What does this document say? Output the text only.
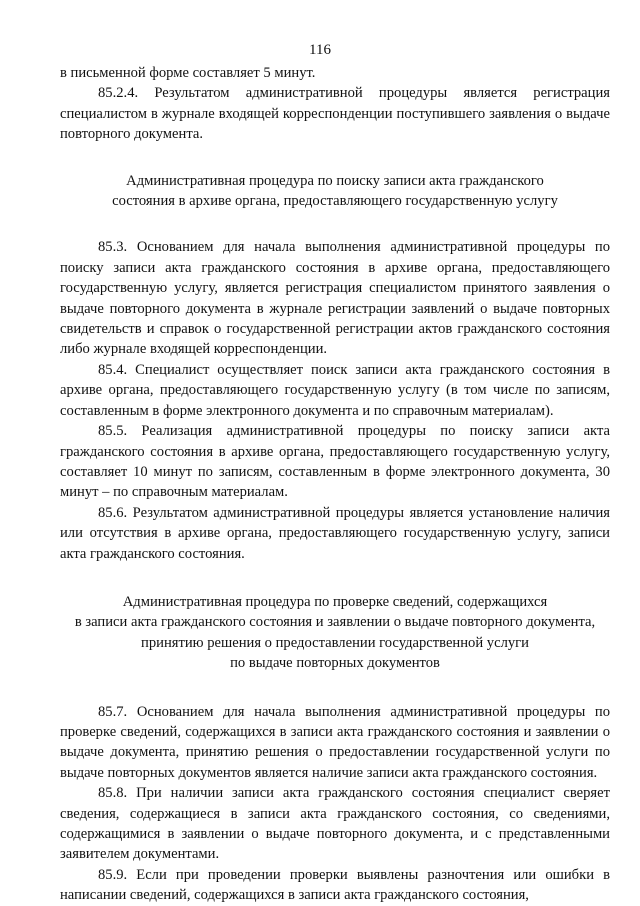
116

в письменной форме составляет 5 минут.

85.2.4. Результатом административной процедуры является регистрация специалистом в журнале входящей корреспонденции поступившего заявления о выдаче повторного документа.

Административная процедура по поиску записи акта гражданского
состояния в архиве органа, предоставляющего государственную услугу

85.3. Основанием для начала выполнения административной процедуры по поиску записи акта гражданского состояния в архиве органа, предоставляющего государственную услугу, является регистрация специалистом принятого заявления о выдаче повторного документа в журнале регистрации заявлений о выдаче повторных свидетельств и справок о государственной регистрации актов гражданского состояния либо журнале входящей корреспонденции.

85.4. Специалист осуществляет поиск записи акта гражданского состояния в архиве органа, предоставляющего государственную услугу (в том числе по записям, составленным в форме электронного документа и по справочным материалам).

85.5. Реализация административной процедуры по поиску записи акта гражданского состояния в архиве органа, предоставляющего государственную услугу, составляет 10 минут по записям, составленным в форме электронного документа, 30 минут – по справочным материалам.

85.6. Результатом административной процедуры является установление наличия или отсутствия в архиве органа, предоставляющего государственную услугу, записи акта гражданского состояния.

Административная процедура по проверке сведений, содержащихся
в записи акта гражданского состояния и заявлении о выдаче повторного документа,
принятию решения о предоставлении государственной услуги
по выдаче повторных документов

85.7. Основанием для начала выполнения административной процедуры по проверке сведений, содержащихся в записи акта гражданского состояния и заявлении о выдаче документа, принятию решения о предоставлении государственной услуги по выдаче повторных документов является наличие записи акта гражданского состояния.

85.8. При наличии записи акта гражданского состояния специалист сверяет сведения, содержащиеся в записи акта гражданского состояния, со сведениями, содержащимися в заявлении о выдаче повторного документа, и с представленными заявителем документами.

85.9. Если при проведении проверки выявлены разночтения или ошибки в написании сведений, содержащихся в записи акта гражданского состояния,
